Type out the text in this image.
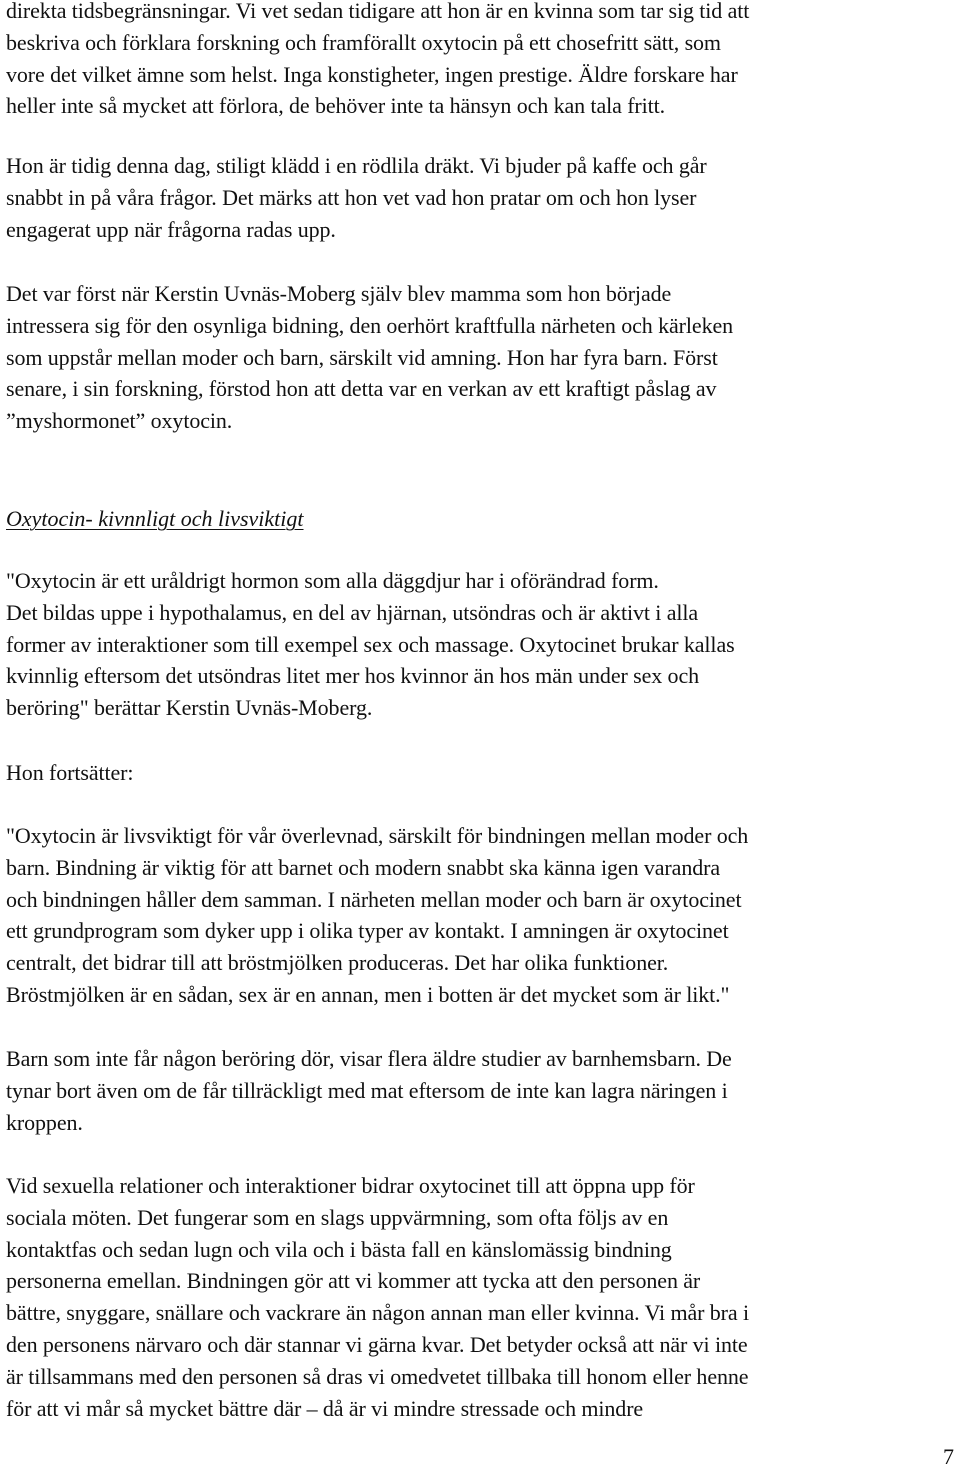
direkta tidsbegränsningar. Vi vet sedan tidigare att hon är en kvinna som tar sig tid att
beskriva och förklara forskning och framförallt oxytocin på ett chosefritt sätt, som
vore det vilket ämne som helst. Inga konstigheter, ingen prestige. Äldre forskare har
heller inte så mycket att förlora, de behöver inte ta hänsyn och kan tala fritt.

Hon är tidig denna dag, stiligt klädd i en rödlila dräkt. Vi bjuder på kaffe och går
snabbt in på våra frågor. Det märks att hon vet vad hon pratar om och hon lyser
engagerat upp när frågorna radas upp.

Det var först när Kerstin Uvnäs-Moberg själv blev mamma som hon började
intressera sig för den osynliga bidning, den oerhört kraftfulla närheten och kärleken
som uppstår mellan moder och barn, särskilt vid amning. Hon har fyra barn. Först
senare, i sin forskning, förstod hon att detta var en verkan av ett kraftigt påslag av
”myshormonet” oxytocin.

Oxytocin- kivnnligt och livsviktigt

"Oxytocin är ett uråldrigt hormon som alla däggdjur har i oförändrad form.
Det bildas uppe i hypothalamus, en del av hjärnan, utsöndras och är aktivt i alla
former av interaktioner som till exempel sex och massage. Oxytocinet brukar kallas
kvinnlig eftersom det utsöndras litet mer hos kvinnor än hos män under sex och
beröring" berättar Kerstin Uvnäs-Moberg.

Hon fortsätter:

"Oxytocin är livsviktigt för vår överlevnad, särskilt för bindningen mellan moder och
barn. Bindning är viktig för att barnet och modern snabbt ska känna igen varandra
och bindningen håller dem samman. I närheten mellan moder och barn är oxytocinet
ett grundprogram som dyker upp i olika typer av kontakt. I amningen är oxytocinet
centralt, det bidrar till att bröstmjölken produceras. Det har olika funktioner.
Bröstmjölken är en sådan, sex är en annan, men i botten är det mycket som är likt."

Barn som inte får någon beröring dör, visar flera äldre studier av barnhemsbarn. De
tynar bort även om de får tillräckligt med mat eftersom de inte kan lagra näringen i
kroppen.

Vid sexuella relationer och interaktioner bidrar oxytocinet till att öppna upp för
sociala möten. Det fungerar som en slags uppvärmning, som ofta följs av en
kontaktfas och sedan lugn och vila och i bästa fall en känslomässig bindning
personerna emellan. Bindningen gör att vi kommer att tycka att den personen är
bättre, snyggare, snällare och vackrare än någon annan man eller kvinna. Vi mår bra i
den personens närvaro och där stannar vi gärna kvar. Det betyder också att när vi inte
är tillsammans med den personen så dras vi omedvetet tillbaka till honom eller henne
för att vi mår så mycket bättre där – då är vi mindre stressade och mindre

7
